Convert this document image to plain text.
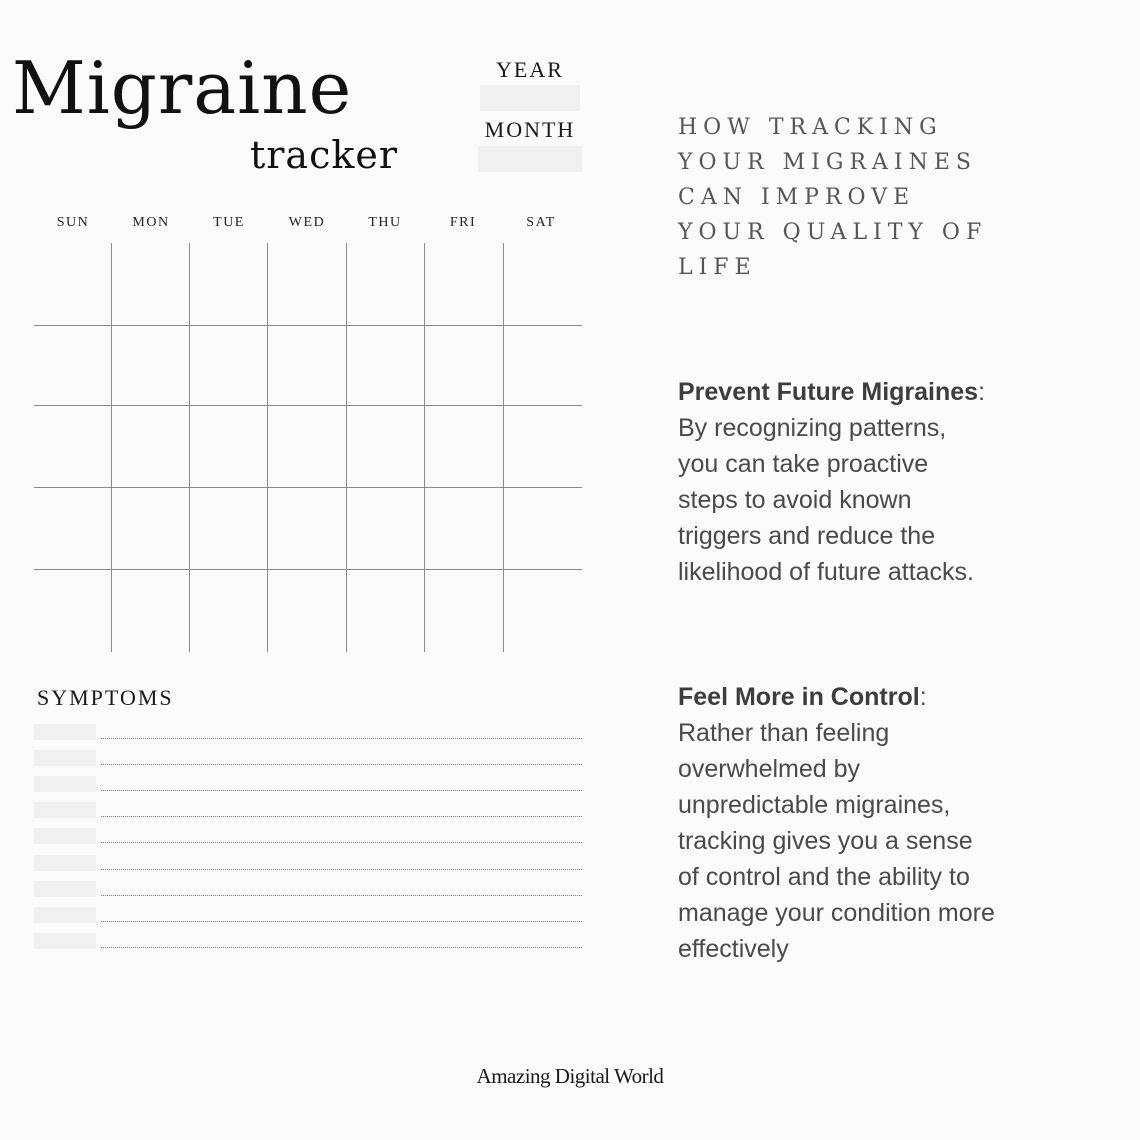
Migraine
tracker
YEAR
MONTH
SUN	MON	TUE	WED	THU	FRI	SAT
SYMPTOMS
HOW TRACKING
YOUR MIGRAINES
CAN IMPROVE
YOUR QUALITY OF
LIFE
Prevent Future Migraines:
By recognizing patterns,
you can take proactive
steps to avoid known
triggers and reduce the
likelihood of future attacks.
Feel More in Control:
Rather than feeling
overwhelmed by
unpredictable migraines,
tracking gives you a sense
of control and the ability to
manage your condition more
effectively
Amazing Digital World
